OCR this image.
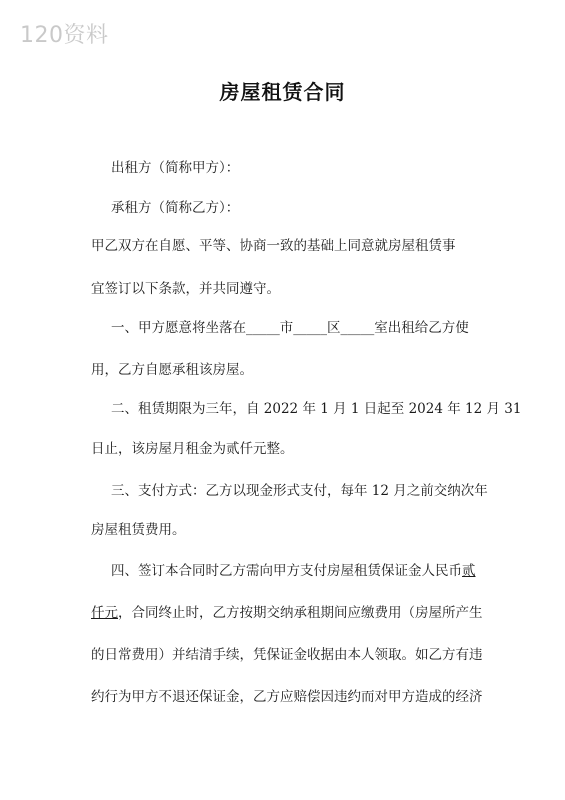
120资料
房屋租赁合同
出租方（简称甲方）：
承租方（简称乙方）：
甲乙双方在自愿、平等、协商一致的基础上同意就房屋租赁事
宜签订以下条款，并共同遵守。
一、甲方愿意将坐落在_____市_____区_____室出租给乙方使
用，乙方自愿承租该房屋。
二、租赁期限为三年，自 2022 年 1 月 1 日起至 2024 年 12 月 31
日止，该房屋月租金为贰仟元整。
三、支付方式：乙方以现金形式支付，每年 12 月之前交纳次年
房屋租赁费用。
四、签订本合同时乙方需向甲方支付房屋租赁保证金人民币贰
仟元，合同终止时，乙方按期交纳承租期间应缴费用（房屋所产生
的日常费用）并结清手续，凭保证金收据由本人领取。如乙方有违
约行为甲方不退还保证金，乙方应赔偿因违约而对甲方造成的经济
